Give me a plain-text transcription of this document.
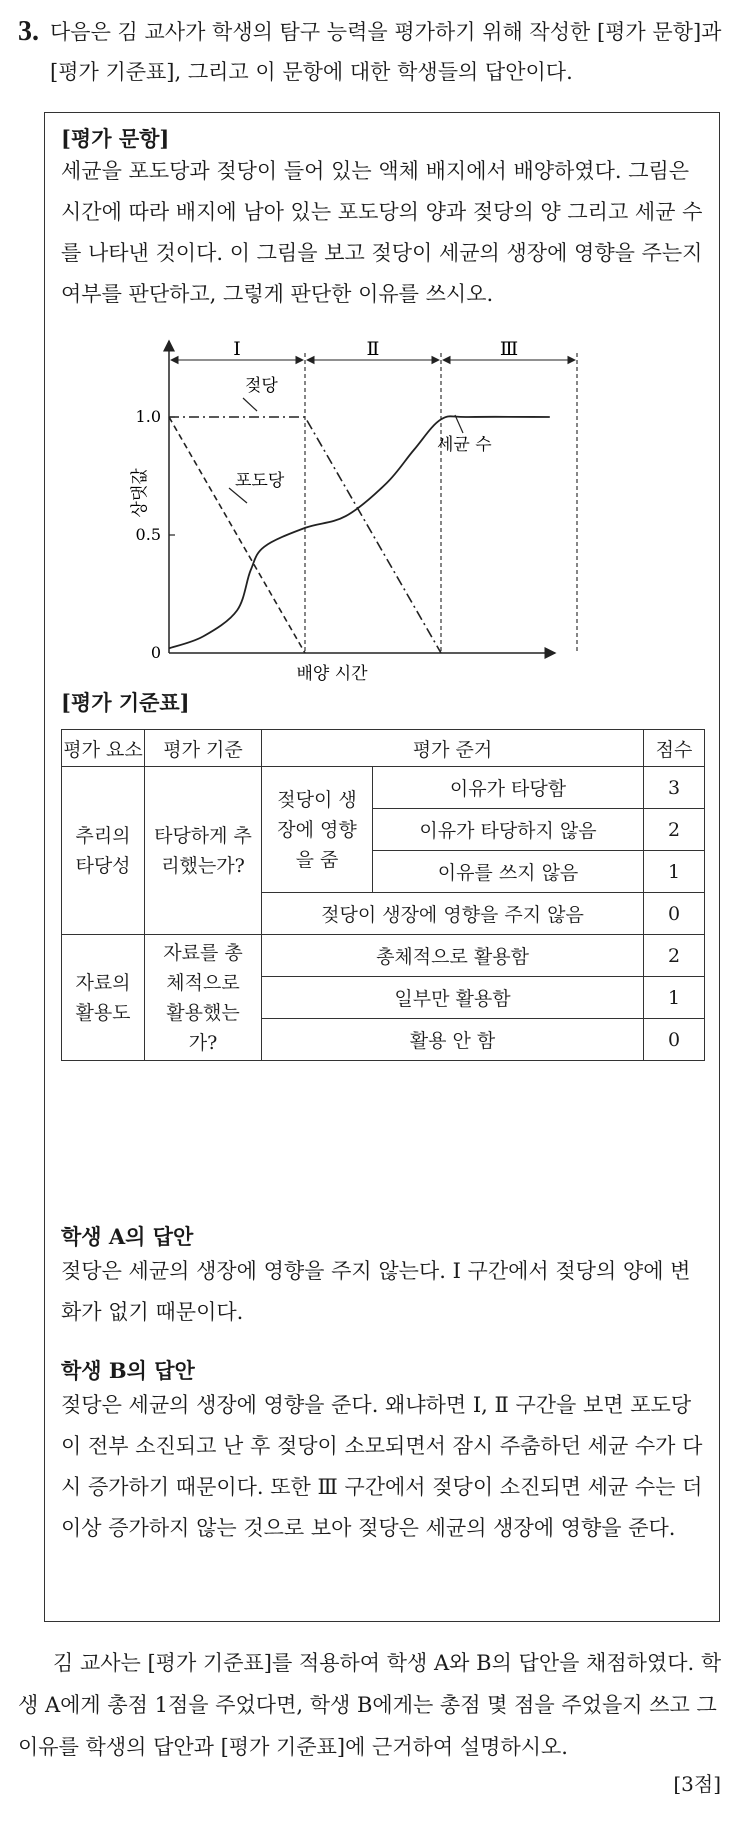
3. 다음은 김 교사가 학생의 탐구 능력을 평가하기 위해 작성한 [평가 문항]과 [평가 기준표], 그리고 이 문항에 대한 학생들의 답안이다.
[평가 문항]
세균을 포도당과 젖당이 들어 있는 액체 배지에서 배양하였다. 그림은 시간에 따라 배지에 남아 있는 포도당의 양과 젖당의 양 그리고 세균 수를 나타낸 것이다. 이 그림을 보고 젖당이 세균의 생장에 영향을 주는지 여부를 판단하고, 그렇게 판단한 이유를 쓰시오.
Ⅰ	Ⅱ	Ⅲ
0
0.5
1.0
젖당
포도당
세균 수
배양 시간
상댓값
[평가 기준표]
평가 요소	평가 기준	평가 준거		점수

추리의 타당성	타당하게 추리했는가?	젖당이 생장에 영향을 줌	이유가 타당함	3
			이유가 타당하지 않음	2
			이유를 쓰지 않음	1
		젖당이 생장에 영향을 주지 않음		0

자료의 활용도	자료를 총체적으로 활용했는가?	총체적으로 활용함		2
		일부만 활용함		1
		활용 안 함		0
학생 A의 답안
젖당은 세균의 생장에 영향을 주지 않는다. Ⅰ 구간에서 젖당의 양에 변화가 없기 때문이다.
학생 B의 답안
젖당은 세균의 생장에 영향을 준다. 왜냐하면 Ⅰ, Ⅱ 구간을 보면 포도당이 전부 소진되고 난 후 젖당이 소모되면서 잠시 주춤하던 세균 수가 다시 증가하기 때문이다. 또한 Ⅲ 구간에서 젖당이 소진되면 세균 수는 더 이상 증가하지 않는 것으로 보아 젖당은 세균의 생장에 영향을 준다.
김 교사는 [평가 기준표]를 적용하여 학생 A와 B의 답안을 채점하였다. 학생 A에게 총점 1점을 주었다면, 학생 B에게는 총점 몇 점을 주었을지 쓰고 그 이유를 학생의 답안과 [평가 기준표]에 근거하여 설명하시오.
[3점]
